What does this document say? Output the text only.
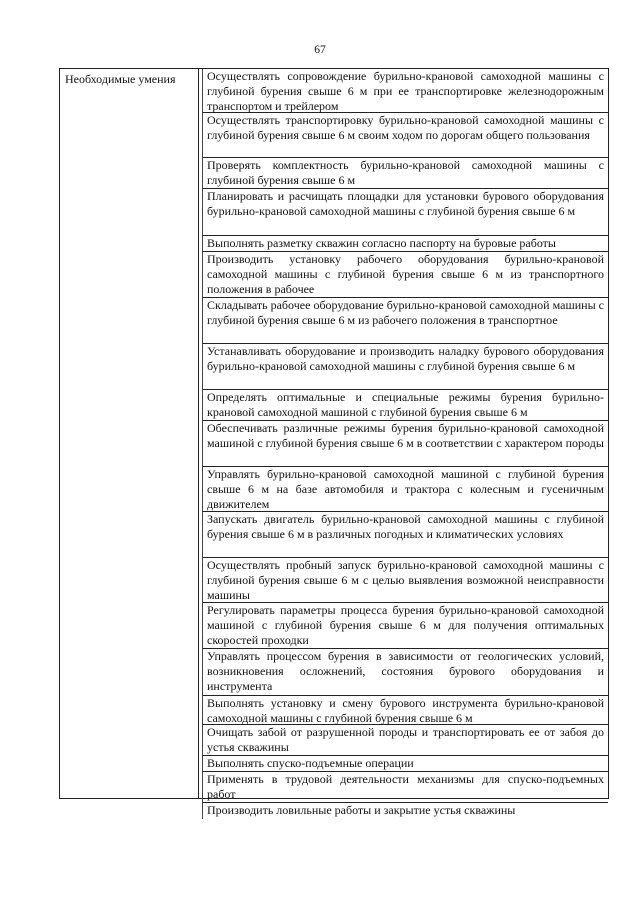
67
Необходимые умения	Осуществлять сопровождение бурильно-крановой самоходной машины с глубиной бурения свыше 6 м при ее транспортировке железнодорожным транспортом и трейлером
Осуществлять транспортировку бурильно-крановой самоходной машины с глубиной бурения свыше 6 м своим ходом по дорогам общего пользования
Проверять комплектность бурильно-крановой самоходной машины с глубиной бурения свыше 6 м
Планировать и расчищать площадки для установки бурового оборудования бурильно-крановой самоходной машины с глубиной бурения свыше 6 м
Выполнять разметку скважин согласно паспорту на буровые работы
Производить установку рабочего оборудования бурильно-крановой самоходной машины с глубиной бурения свыше 6 м из транспортного положения в рабочее
Складывать рабочее оборудование бурильно-крановой самоходной машины с глубиной бурения свыше 6 м из рабочего положения в транспортное
Устанавливать оборудование и производить наладку бурового оборудования бурильно-крановой самоходной машины с глубиной бурения свыше 6 м
Определять оптимальные и специальные режимы бурения бурильно-крановой самоходной машиной с глубиной бурения свыше 6 м
Обеспечивать различные режимы бурения бурильно-крановой самоходной машиной с глубиной бурения свыше 6 м в соответствии с характером породы
Управлять бурильно-крановой самоходной машиной с глубиной бурения свыше 6 м на базе автомобиля и трактора с колесным и гусеничным движителем
Запускать двигатель бурильно-крановой самоходной машины с глубиной бурения свыше 6 м в различных погодных и климатических условиях
Осуществлять пробный запуск бурильно-крановой самоходной машины с глубиной бурения свыше 6 м с целью выявления возможной неисправности машины
Регулировать параметры процесса бурения бурильно-крановой самоходной машиной с глубиной бурения свыше 6 м для получения оптимальных скоростей проходки
Управлять процессом бурения в зависимости от геологических условий, возникновения осложнений, состояния бурового оборудования и инструмента
Выполнять установку и смену бурового инструмента бурильно-крановой самоходной машины с глубиной бурения свыше 6 м
Очищать забой от разрушенной породы и транспортировать ее от забоя до устья скважины
Выполнять спуско-подъемные операции
Применять в трудовой деятельности механизмы для спуско-подъемных работ
Производить ловильные работы и закрытие устья скважины
